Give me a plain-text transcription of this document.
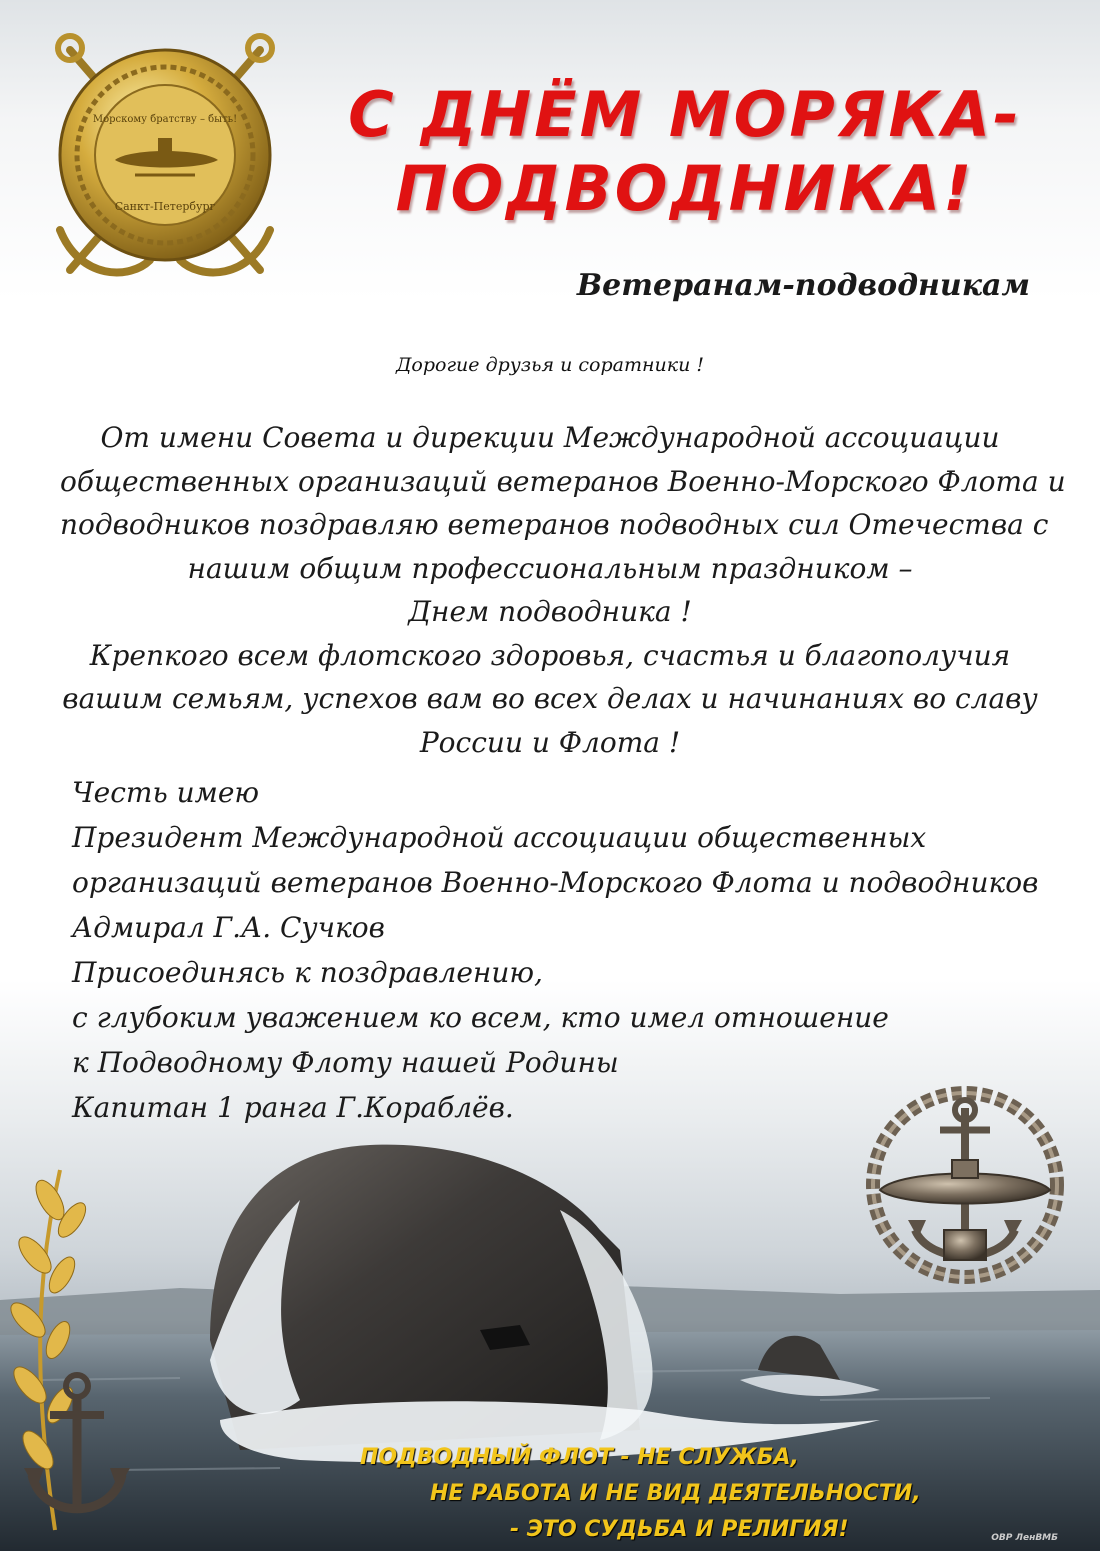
Санкт-Петербург
Морскому братству – быть!	С ДНЁМ МОРЯКА-
ПОДВОДНИКА!
Ветеранам-подводникам
Дорогие друзья и соратники !
От имени Совета и дирекции Международной ассоциации
общественных организаций ветеранов Военно-Морского Флота и
подводников поздравляю ветеранов подводных сил Отечества с
нашим общим профессиональным праздником –
Днем подводника !
Крепкого всем флотского здоровья, счастья и благополучия
вашим семьям, успехов вам во всех делах и начинаниях во славу
России и Флота !
Честь имею
Президент Международной ассоциации общественных
организаций ветеранов Военно-Морского Флота и подводников
Адмирал Г.А. Сучков
Присоединясь к поздравлению,
с глубоким уважением ко всем, кто имел отношение
к Подводному Флоту нашей Родины
Капитан 1 ранга Г.Кораблёв.
ПОДВОДНЫЙ ФЛОТ - НЕ СЛУЖБА,
НЕ РАБОТА И НЕ ВИД ДЕЯТЕЛЬНОСТИ,
- ЭТО СУДЬБА И РЕЛИГИЯ!	ОВР ЛенВМБ
